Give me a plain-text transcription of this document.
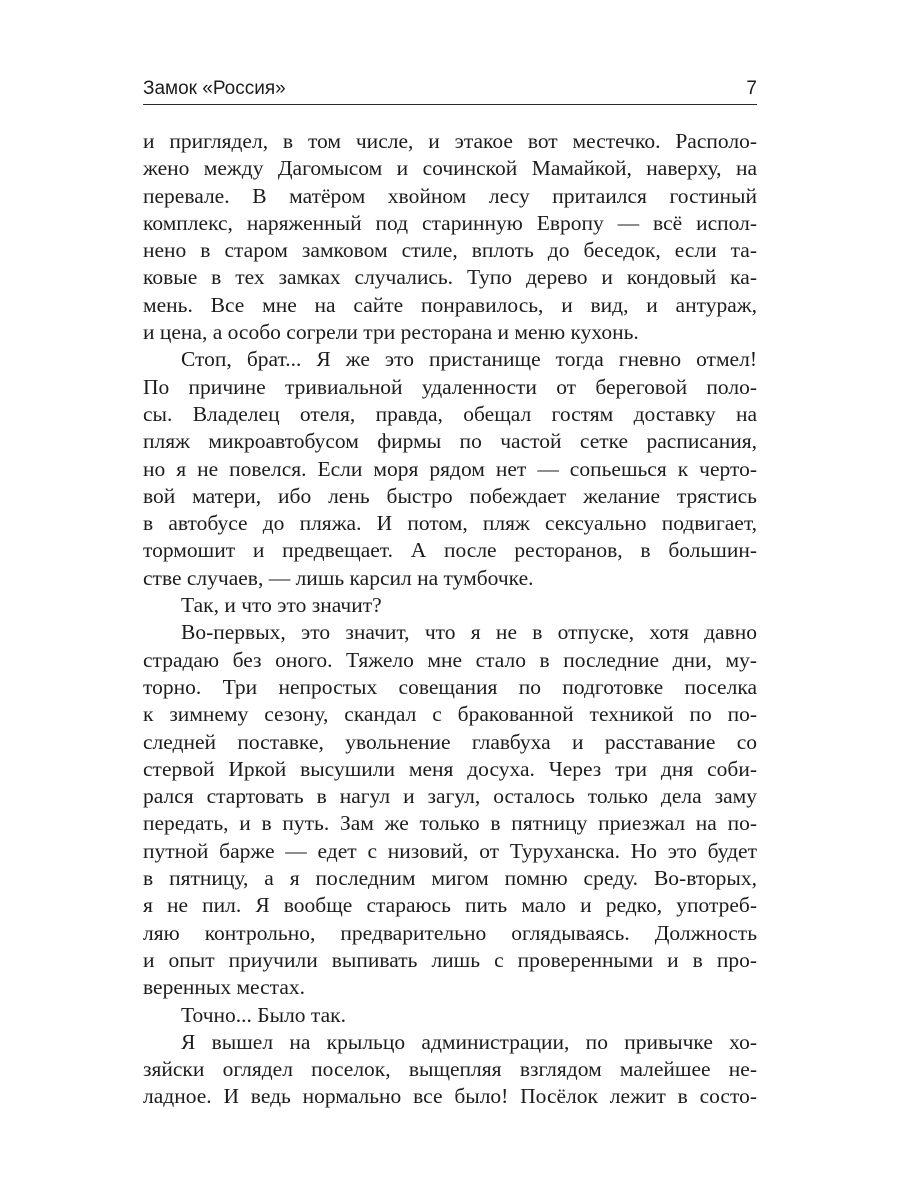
Замок «Россия»	7
и приглядел, в том числе, и этакое вот местечко. Располо-
жено между Дагомысом и сочинской Мамайкой, наверху, на
перевале. В матёром хвойном лесу притаился гостиный
комплекс, наряженный под старинную Европу — всё испол-
нено в старом замковом стиле, вплоть до беседок, если та-
ковые в тех замках случались. Тупо дерево и кондовый ка-
мень. Все мне на сайте понравилось, и вид, и антураж,
и цена, а особо согрели три ресторана и меню кухонь.
Стоп, брат... Я же это пристанище тогда гневно отмел!
По причине тривиальной удаленности от береговой поло-
сы. Владелец отеля, правда, обещал гостям доставку на
пляж микроавтобусом фирмы по частой сетке расписания,
но я не повелся. Если моря рядом нет — сопьешься к черто-
вой матери, ибо лень быстро побеждает желание трястись
в автобусе до пляжа. И потом, пляж сексуально подвигает,
тормошит и предвещает. А после ресторанов, в большин-
стве случаев, — лишь карсил на тумбочке.
Так, и что это значит?
Во-первых, это значит, что я не в отпуске, хотя давно
страдаю без оного. Тяжело мне стало в последние дни, му-
торно. Три непростых совещания по подготовке поселка
к зимнему сезону, скандал с бракованной техникой по по-
следней поставке, увольнение главбуха и расставание со
стервой Иркой высушили меня досуха. Через три дня соби-
рался стартовать в нагул и загул, осталось только дела заму
передать, и в путь. Зам же только в пятницу приезжал на по-
путной барже — едет с низовий, от Туруханска. Но это будет
в пятницу, а я последним мигом помню среду. Во-вторых,
я не пил. Я вообще стараюсь пить мало и редко, употреб-
ляю контрольно, предварительно оглядываясь. Должность
и опыт приучили выпивать лишь с проверенными и в про-
веренных местах.
Точно... Было так.
Я вышел на крыльцо администрации, по привычке хо-
зяйски оглядел поселок, выщепляя взглядом малейшее не-
ладное. И ведь нормально все было! Посёлок лежит в состо-
